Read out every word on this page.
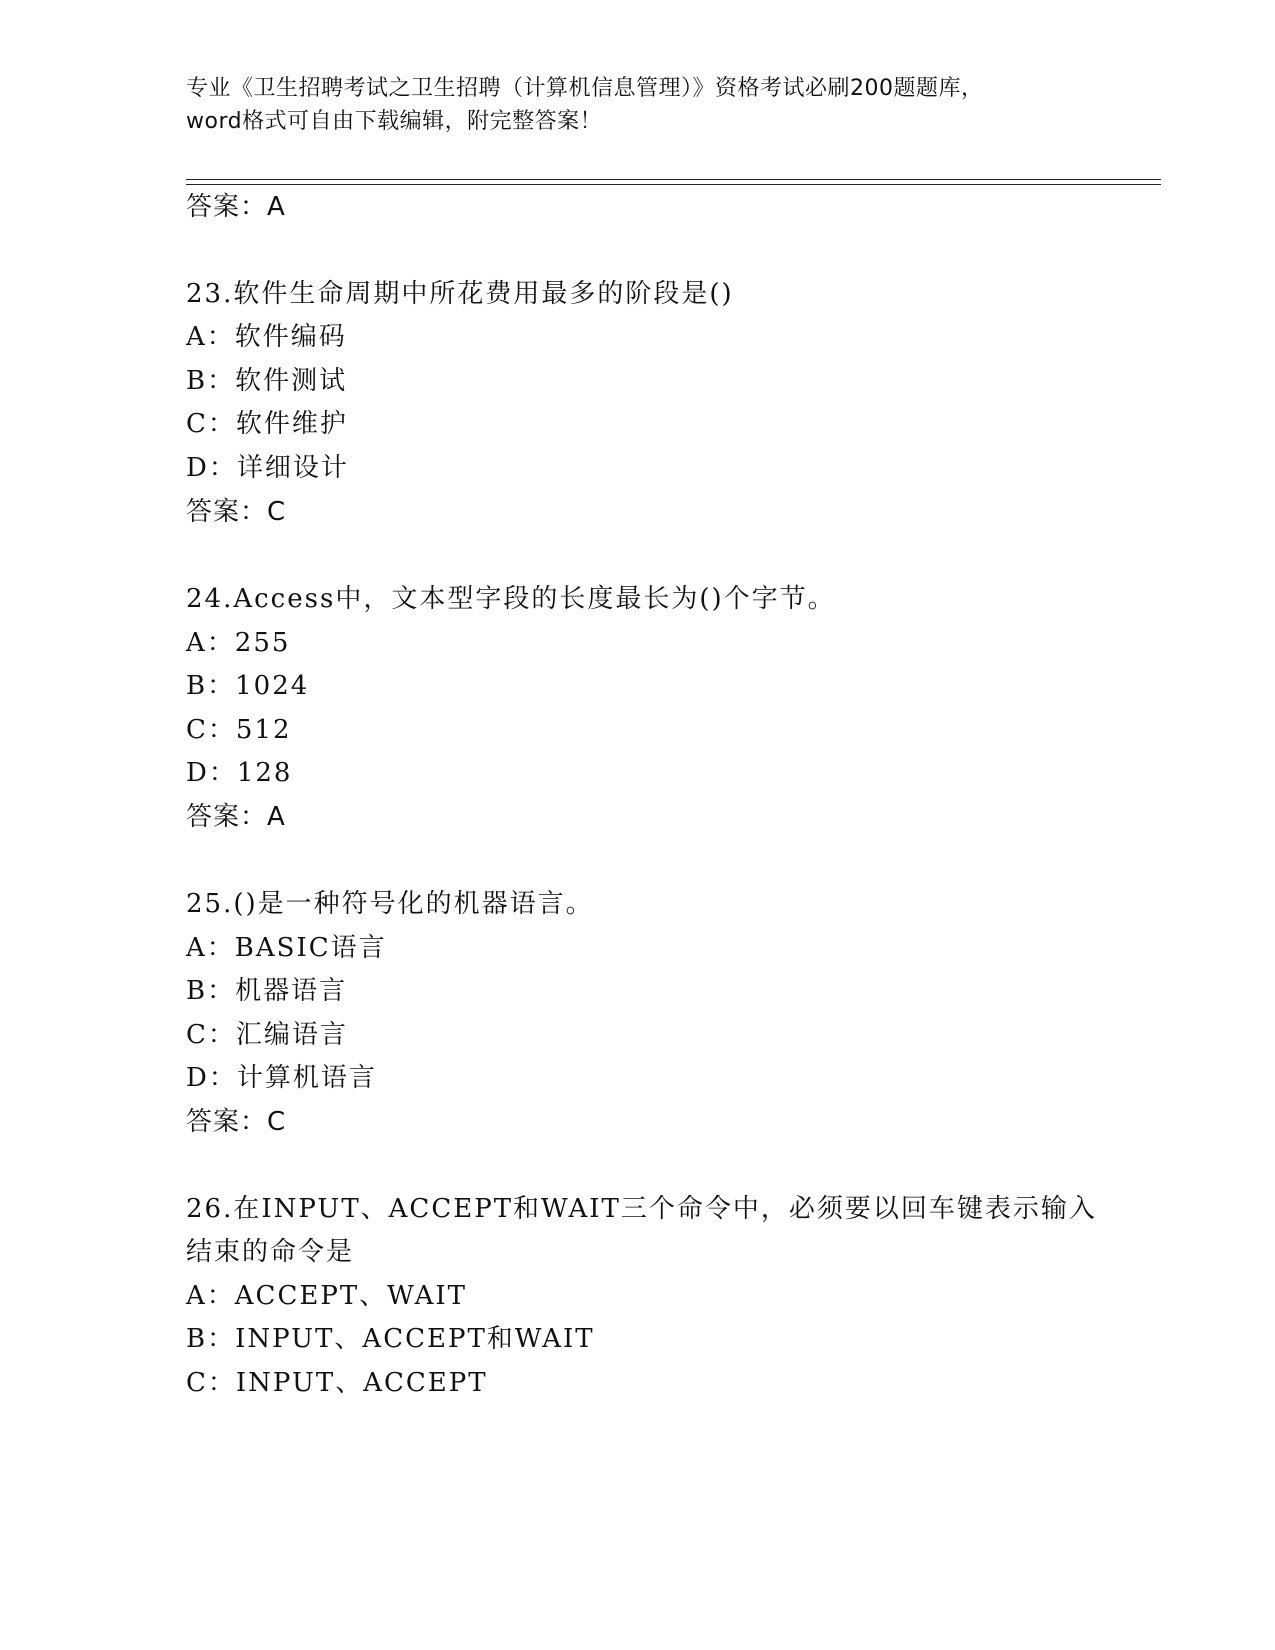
专业《卫生招聘考试之卫生招聘（计算机信息管理）》资格考试必刷200题题库，
word格式可自由下载编辑，附完整答案！
答案：A
23.软件生命周期中所花费用最多的阶段是()
A：软件编码
B：软件测试
C：软件维护
D：详细设计
答案：C
24.Access中，文本型字段的长度最长为()个字节。
A：255
B：1024
C：512
D：128
答案：A
25.()是一种符号化的机器语言。
A：BASIC语言
B：机器语言
C：汇编语言
D：计算机语言
答案：C
26.在INPUT、ACCEPT和WAIT三个命令中，必须要以回车键表示输入
结束的命令是
A：ACCEPT、WAIT
B：INPUT、ACCEPT和WAIT
C：INPUT、ACCEPT
